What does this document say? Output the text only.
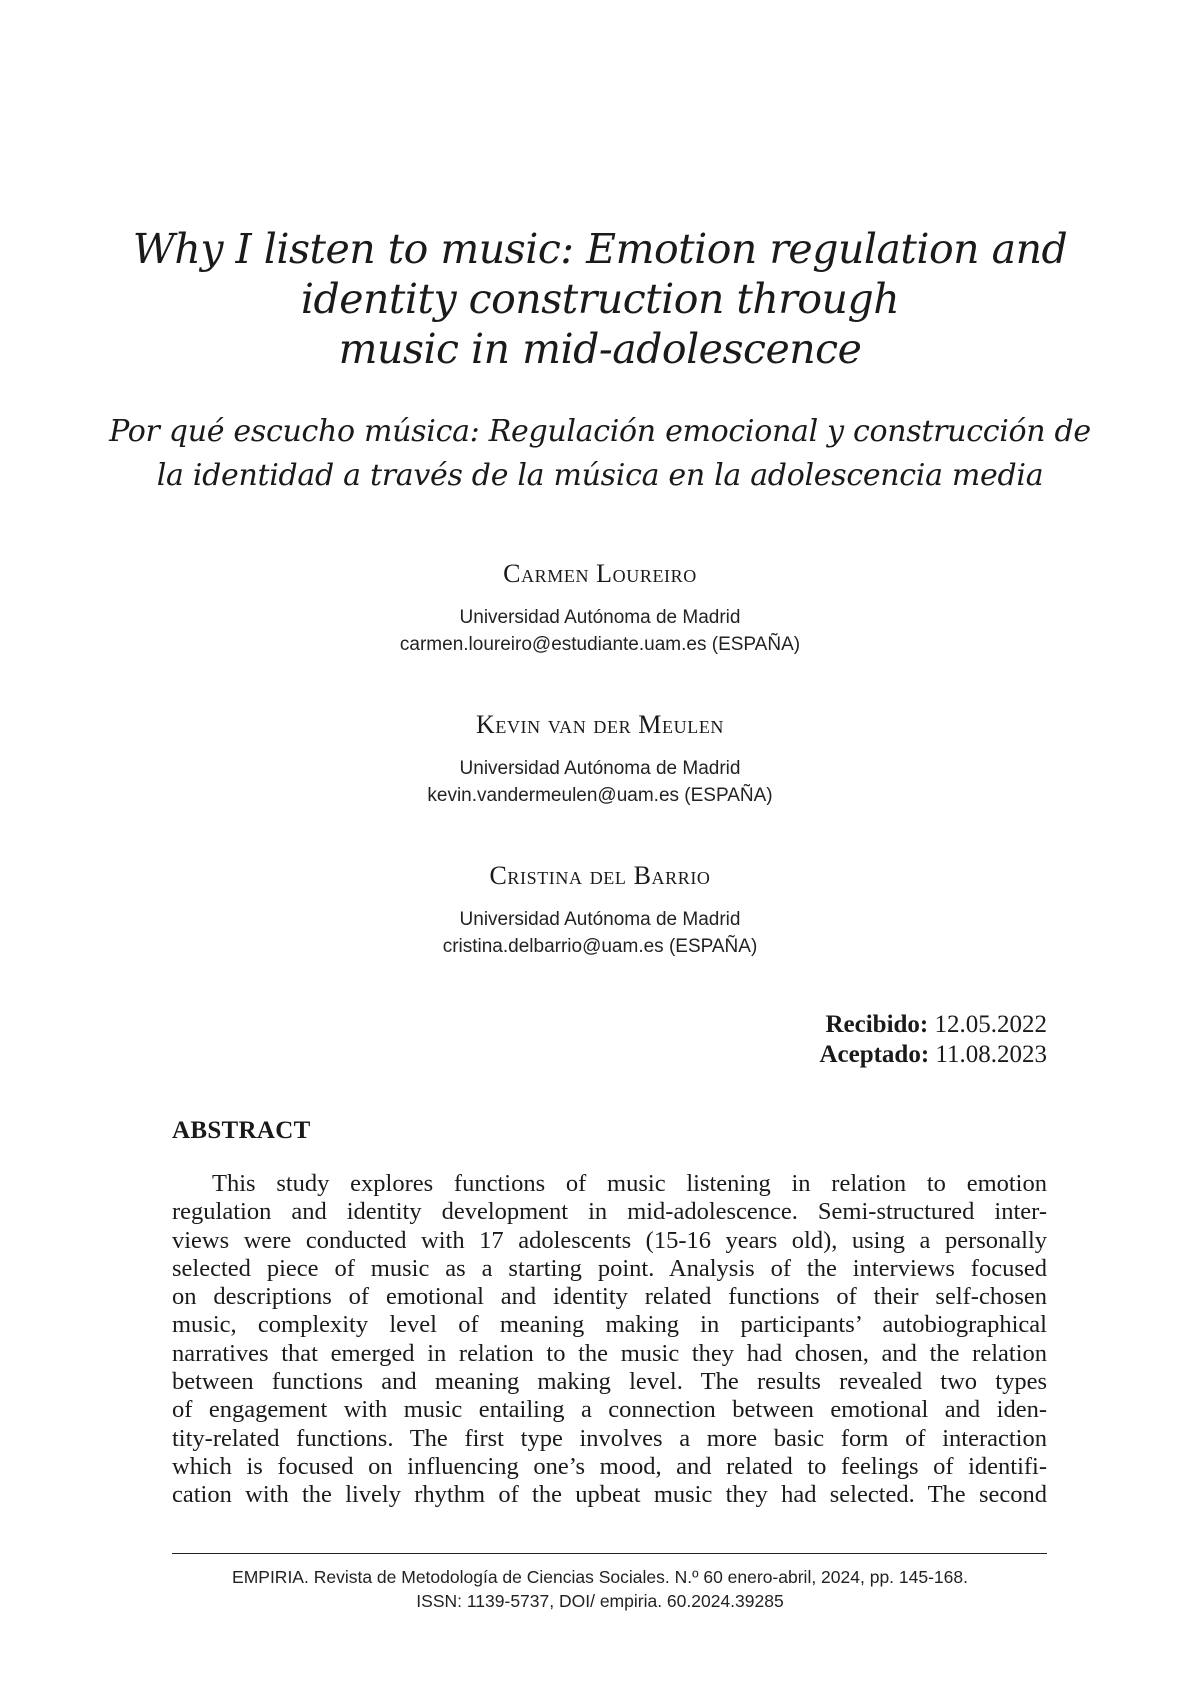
Why I listen to music: Emotion regulation and
identity construction through
music in mid-adolescence
Por qué escucho música: Regulación emocional y construcción de
la identidad a través de la música en la adolescencia media

Carmen Loureiro

Universidad Autónoma de Madrid

carmen.loureiro@estudiante.uam.es (ESPAÑA)

Kevin van der Meulen

Universidad Autónoma de Madrid

kevin.vandermeulen@uam.es (ESPAÑA)

Cristina del Barrio

Universidad Autónoma de Madrid

cristina.delbarrio@uam.es (ESPAÑA)

Recibido: 12.05.2022
Aceptado: 11.08.2023
ABSTRACT
This study explores functions of music listening in relation to emotion
regulation and identity development in mid-adolescence. Semi-structured inter-
views were conducted with 17 adolescents (15-16 years old), using a personally
selected piece of music as a starting point. Analysis of the interviews focused
on descriptions of emotional and identity related functions of their self-chosen
music, complexity level of meaning making in participants’ autobiographical
narratives that emerged in relation to the music they had chosen, and the relation
between functions and meaning making level. The results revealed two types
of engagement with music entailing a connection between emotional and iden-
tity-related functions. The first type involves a more basic form of interaction
which is focused on influencing one’s mood, and related to feelings of identifi-
cation with the lively rhythm of the upbeat music they had selected. The second

EMPIRIA. Revista de Metodología de Ciencias Sociales. N.º 60 enero-abril, 2024, pp. 145-168.

ISSN: 1139-5737, DOI/ empiria. 60.2024.39285
